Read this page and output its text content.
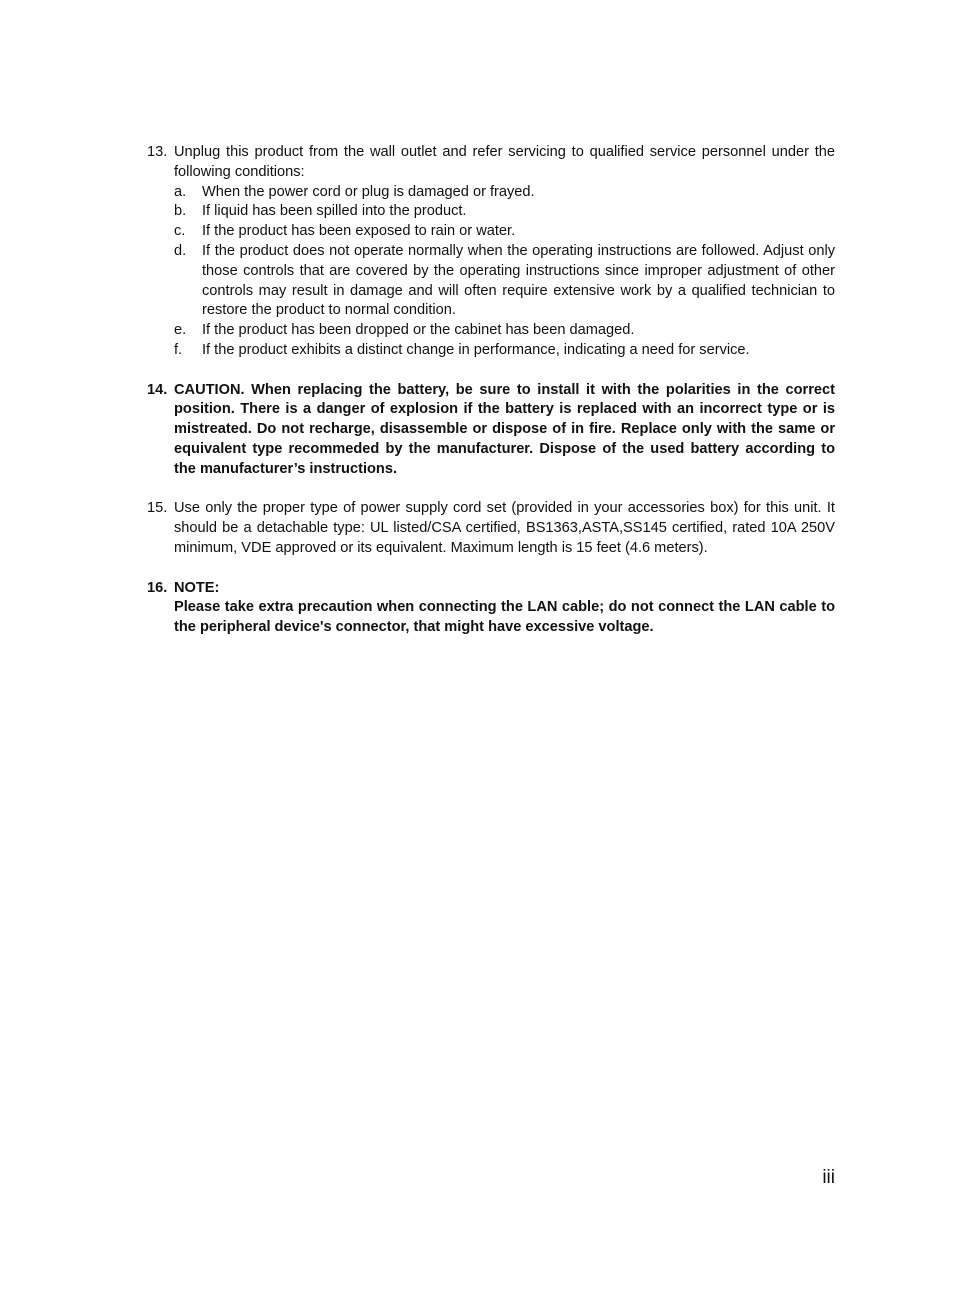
13. Unplug this product from the wall outlet and refer servicing to qualified service personnel under the following conditions:
a. When the power cord or plug is damaged or frayed.
b. If liquid has been spilled into the product.
c. If the product has been exposed to rain or water.
d. If the product does not operate normally when the operating instructions are followed. Adjust only those controls that are covered by the operating instructions since improper adjustment of other controls may result in damage and will often require extensive work by a qualified technician to restore the product to normal condition.
e. If the product has been dropped or the cabinet has been damaged.
f. If the product exhibits a distinct change in performance, indicating a need for service.
14. CAUTION. When replacing the battery, be sure to install it with the polarities in the correct position. There is a danger of explosion if the battery is replaced with an incorrect type or is mistreated. Do not recharge, disassemble or dispose of in fire. Replace only with the same or equivalent type recommeded by the manufacturer. Dispose of the used battery according to the manufacturer’s instructions.
15. Use only the proper type of power supply cord set (provided in your accessories box) for this unit. It should be a detachable type: UL listed/CSA certified, BS1363,ASTA,SS145 certified, rated 10A 250V minimum, VDE approved or its equivalent. Maximum length is 15 feet (4.6 meters).
16. NOTE:
Please take extra precaution when connecting the LAN cable; do not connect the LAN cable to the peripheral device's connector, that might have excessive voltage.
iii
